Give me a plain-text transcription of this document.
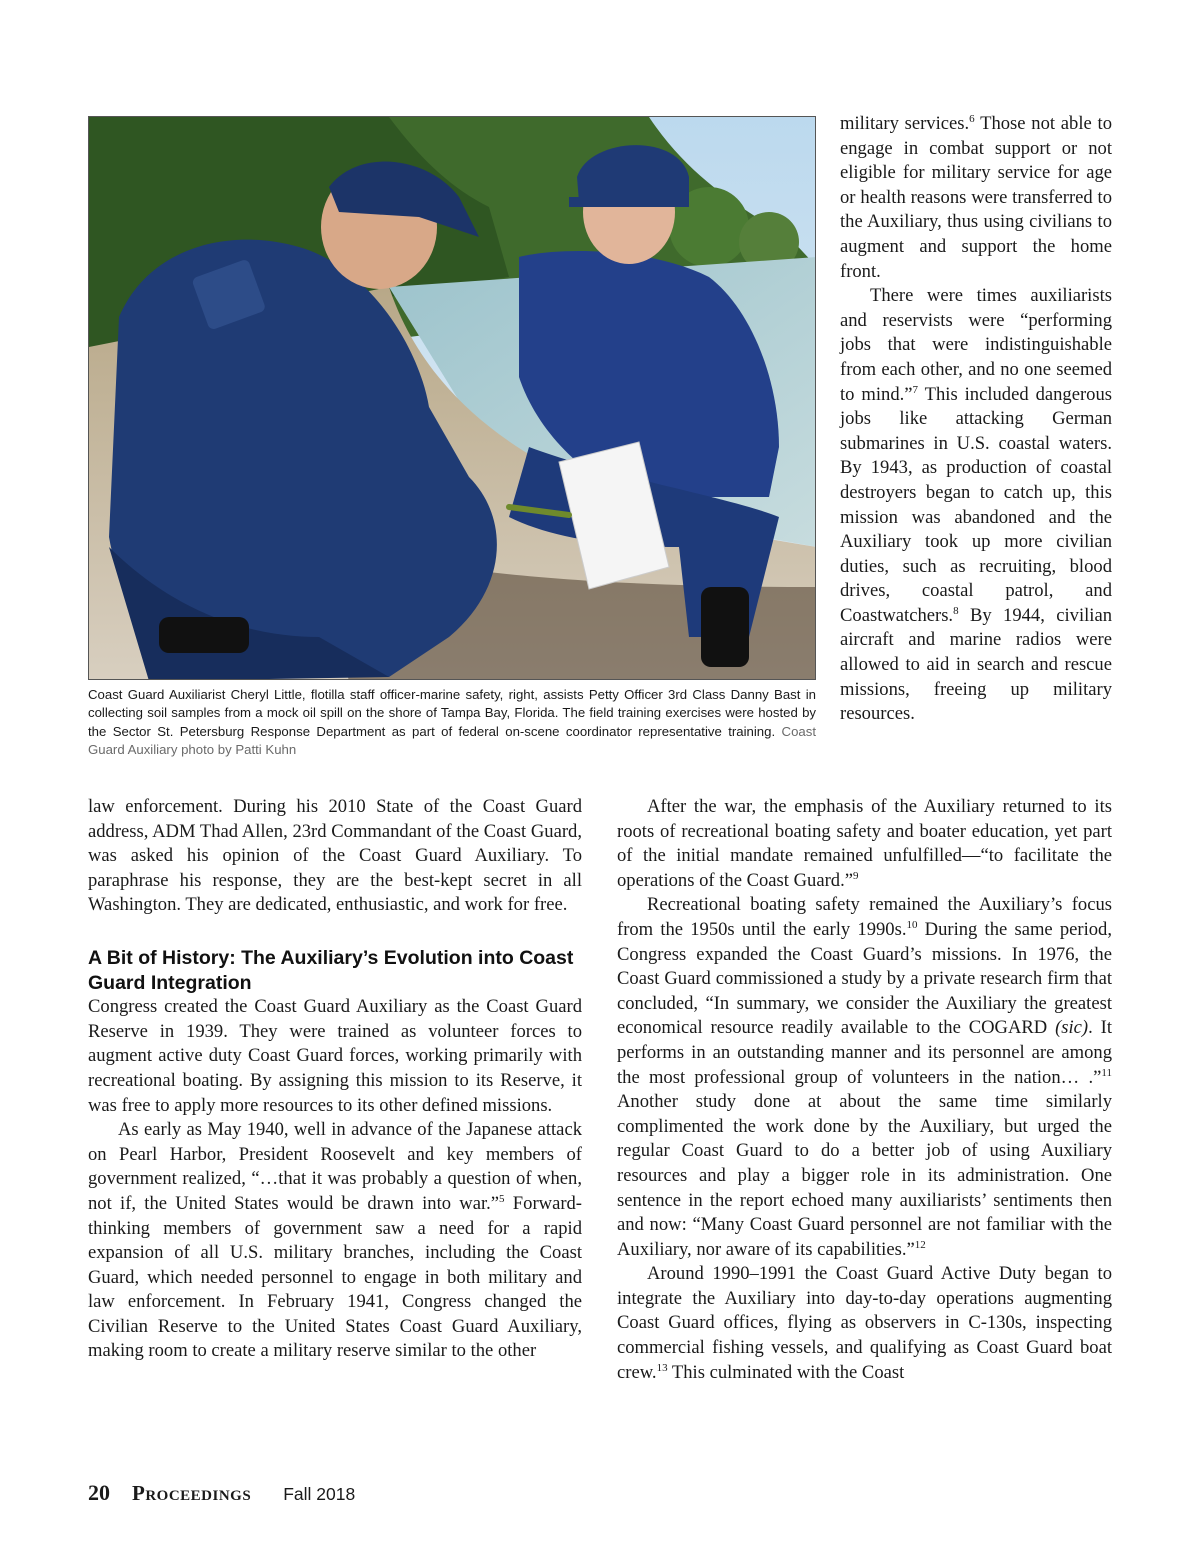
Coast Guard Auxiliarist Cheryl Little, flotilla staff officer-marine safety, right, assists Petty Officer 3rd Class Danny Bast in collecting soil samples from a mock oil spill on the shore of Tampa Bay, Florida. The field training exercises were hosted by the Sector St. Petersburg Response Department as part of federal on-scene coordinator representative training. Coast Guard Auxiliary photo by Patti Kuhn

military services.$^6$ Those not able to engage in combat support or not eligible for military service for age or health reasons were transferred to the Auxiliary, thus using civilians to augment and support the home front.

There were times auxiliarists and reservists were “performing jobs that were indistinguishable from each other, and no one seemed to mind.”$^7$ This included dangerous jobs like attacking German submarines in U.S. coastal waters. By 1943, as production of coastal destroyers began to catch up, this mission was abandoned and the Auxiliary took up more civilian duties, such as recruiting, blood drives, coastal patrol, and Coastwatchers.$^8$ By 1944, civilian aircraft and marine radios were allowed to aid in search and rescue missions, freeing up military resources.

law enforcement. During his 2010 State of the Coast Guard address, ADM Thad Allen, 23rd Commandant of the Coast Guard, was asked his opinion of the Coast Guard Auxiliary. To paraphrase his response, they are the best-kept secret in all Washington. They are dedicated, enthusiastic, and work for free.

A Bit of History: The Auxiliary’s Evolution into Coast Guard Integration

Congress created the Coast Guard Auxiliary as the Coast Guard Reserve in 1939. They were trained as volunteer forces to augment active duty Coast Guard forces, working primarily with recreational boating. By assigning this mission to its Reserve, it was free to apply more resources to its other defined missions.

As early as May 1940, well in advance of the Japanese attack on Pearl Harbor, President Roosevelt and key members of government realized, “…that it was probably a question of when, not if, the United States would be drawn into war.”$^5$ Forward-thinking members of government saw a need for a rapid expansion of all U.S. military branches, including the Coast Guard, which needed personnel to engage in both military and law enforcement. In February 1941, Congress changed the Civilian Reserve to the United States Coast Guard Auxiliary, making room to create a military reserve similar to the other

After the war, the emphasis of the Auxiliary returned to its roots of recreational boating safety and boater education, yet part of the initial mandate remained unfulfilled—“to facilitate the operations of the Coast Guard.”$^9$

Recreational boating safety remained the Auxiliary’s focus from the 1950s until the early 1990s.$^{10}$ During the same period, Congress expanded the Coast Guard’s missions. In 1976, the Coast Guard commissioned a study by a private research firm that concluded, “In summary, we consider the Auxiliary the greatest economical resource readily available to the COGARD (sic). It performs in an outstanding manner and its personnel are among the most professional group of volunteers in the nation… .”$^{11}$ Another study done at about the same time similarly complimented the work done by the Auxiliary, but urged the regular Coast Guard to do a better job of using Auxiliary resources and play a bigger role in its administration. One sentence in the report echoed many auxiliarists’ sentiments then and now: “Many Coast Guard personnel are not familiar with the Auxiliary, nor aware of its capabilities.”$^{12}$

Around 1990–1991 the Coast Guard Active Duty began to integrate the Auxiliary into day-to-day operations augmenting Coast Guard offices, flying as observers in C-130s, inspecting commercial fishing vessels, and qualifying as Coast Guard boat crew.$^{13}$ This culminated with the Coast

20 Proceedings Fall 2018
